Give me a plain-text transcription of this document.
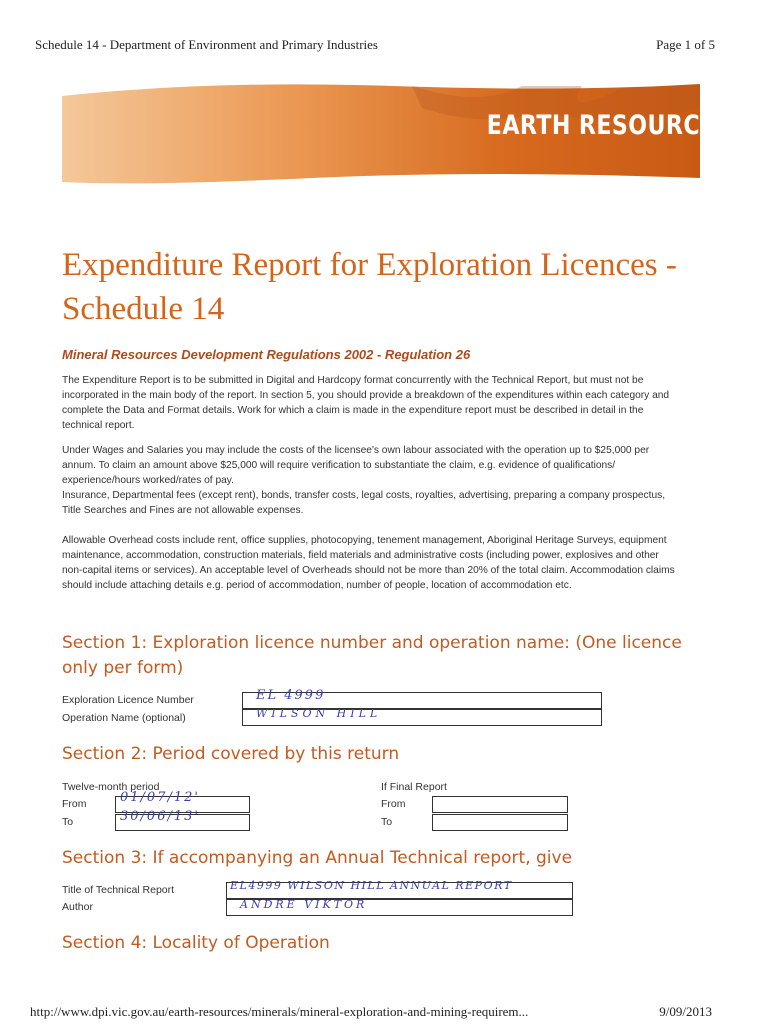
Schedule 14 - Department of Environment and Primary Industries	Page 1 of 5
EARTH RESOURCES
Expenditure Report for Exploration Licences -
Schedule 14
Mineral Resources Development Regulations 2002 - Regulation 26
The Expenditure Report is to be submitted in Digital and Hardcopy format concurrently with the Technical Report, but must not be incorporated in the main body of the report. In section 5, you should provide a breakdown of the expenditures within each category and complete the Data and Format details. Work for which a claim is made in the expenditure report must be described in detail in the technical report.
Under Wages and Salaries you may include the costs of the licensee's own labour associated with the operation up to $25,000 per annum. To claim an amount above $25,000 will require verification to substantiate the claim, e.g. evidence of qualifications/ experience/hours worked/rates of pay.
Insurance, Departmental fees (except rent), bonds, transfer costs, legal costs, royalties, advertising, preparing a company prospectus, Title Searches and Fines are not allowable expenses.
Allowable Overhead costs include rent, office supplies, photocopying, tenement management, Aboriginal Heritage Surveys, equipment maintenance, accommodation, construction materials, field materials and administrative costs (including power, explosives and other non-capital items or services). An acceptable level of Overheads should not be more than 20% of the total claim. Accommodation claims should include attaching details e.g. period of accommodation, number of people, location of accommodation etc.
Section 1: Exploration licence number and operation name: (One licence only per form)
Exploration Licence Number	EL 4999
Operation Name (optional)	WILSON HILL
Section 2: Period covered by this return
Twelve-month period
From	01/07/12'
To	30/06/13'
If Final Report
From
To
Section 3: If accompanying an Annual Technical report, give
Title of Technical Report	EL4999 WILSON HILL ANNUAL REPORT
Author	ANDRE VIKTOR
Section 4: Locality of Operation
http://www.dpi.vic.gov.au/earth-resources/minerals/mineral-exploration-and-mining-requirem...	9/09/2013
